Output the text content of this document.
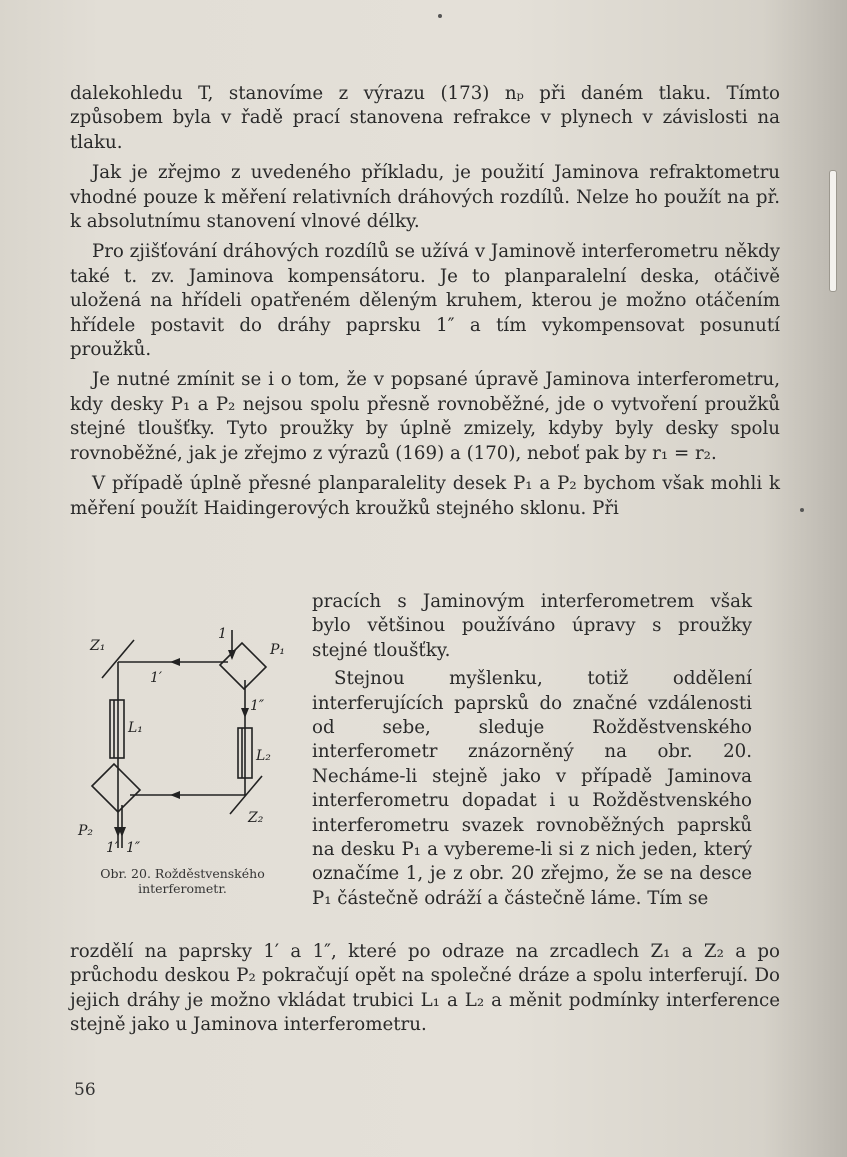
dalekohledu T, stanovíme z výrazu (173) nₚ při daném tlaku. Tímto způsobem byla v řadě prací stanovena refrakce v plynech v závislosti na tlaku.

Jak je zřejmo z uvedeného příkladu, je použití Jaminova refraktometru vhodné pouze k měření relativních dráhových rozdílů. Nelze ho použít na př. k absolutnímu stanovení vlnové délky.

Pro zjišťování dráhových rozdílů se užívá v Jaminově interferometru někdy také t. zv. Jaminova kompensátoru. Je to planparalelní deska, otáčivě uložená na hřídeli opatřeném děleným kruhem, kterou je možno otáčením hřídele postavit do dráhy paprsku 1″ a tím vykompensovat posunutí proužků.

Je nutné zmínit se i o tom, že v popsané úpravě Jaminova interferometru, kdy desky P₁ a P₂ nejsou spolu přesně rovnoběžné, jde o vytvoření proužků stejné tloušťky. Tyto proužky by úplně zmizely, kdyby byly desky spolu rovnoběžné, jak je zřejmo z výrazů (169) a (170), neboť pak by r₁ = r₂.

V případě úplně přesné planparalelity desek P₁ a P₂ bychom však mohli k měření použít Haidingerových kroužků stejného sklonu. Při

pracích s Jaminovým interferometrem však bylo většinou používáno úpravy s proužky stejné tloušťky.

Stejnou myšlenku, totiž oddělení interferujících paprsků do značné vzdálenosti od sebe, sleduje Rožděstvenského interferometr znázorněný na obr. 20. Necháme-li stejně jako v případě Jaminova interferometru dopadat i u Rožděstvenského interferometru svazek rovnoběžných paprsků na desku P₁ a vybereme-li si z nich jeden, který označíme 1, je z obr. 20 zřejmo, že se na desce P₁ částečně odráží a částečně láme. Tím se

Z₁	P₁
1
1′
1″
L₁
L₂
Z₂
P₂
1′ 1″
Obr. 20. Rožděstvenského interferometr.

rozdělí na paprsky 1′ a 1″, které po odraze na zrcadlech Z₁ a Z₂ a po průchodu deskou P₂ pokračují opět na společné dráze a spolu interferují. Do jejich dráhy je možno vkládat trubici L₁ a L₂ a měnit podmínky interference stejně jako u Jaminova interferometru.

56
